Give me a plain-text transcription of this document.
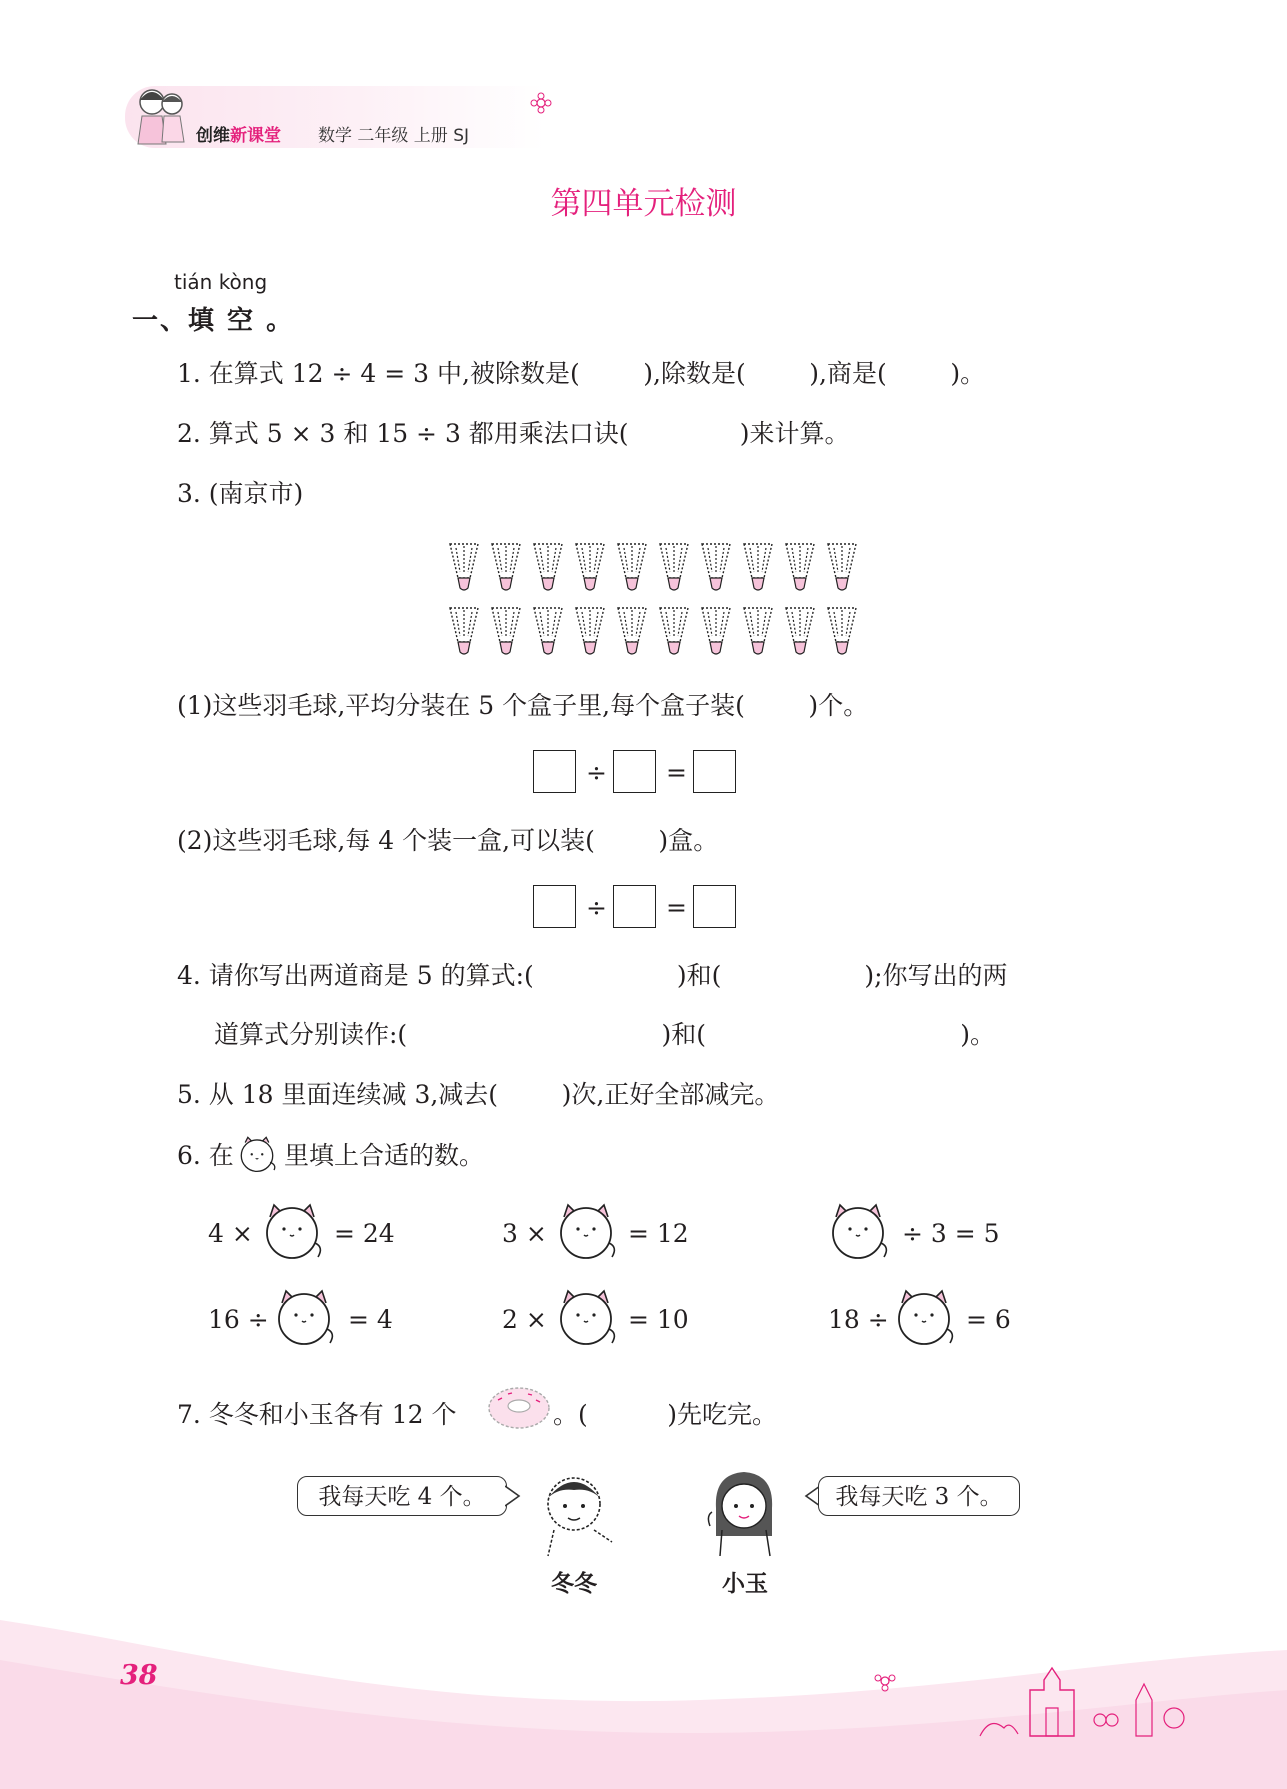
创维新课堂 数学 二年级 上册 SJ
第四单元检测
tián kòng
一、填 空 。
1. 在算式 12 ÷ 4 = 3 中,被除数是(        ),除数是(        ),商是(        )。
2. 算式 5 × 3 和 15 ÷ 3 都用乘法口诀(              )来计算。
3. (南京市)
(1)这些羽毛球,平均分装在 5 个盒子里,每个盒子装(        )个。
÷ =
(2)这些羽毛球,每 4 个装一盒,可以装(        )盒。
÷ =
4. 请你写出两道商是 5 的算式:(                  )和(                  );你写出的两
道算式分别读作:(                                )和(                                )。
5. 从 18 里面连续减 3,减去(        )次,正好全部减完。
6. 在 里填上合适的数。
4 ×	= 24	3 ×	= 12	÷ 3 = 5
16 ÷	= 4	2 ×	= 10	18 ÷	= 6
7. 冬冬和小玉各有 12 个	。(          )先吃完。
我每天吃 4 个。	我每天吃 3 个。
冬冬	小玉
38
